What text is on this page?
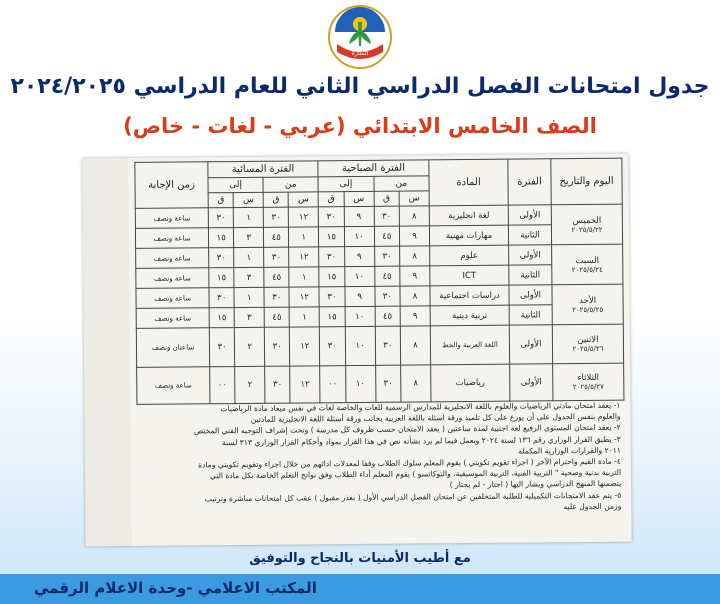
المنارة
جدول امتحانات الفصل الدراسي الثاني للعام الدراسي ٢٠٢٤/٢٠٢٥
الصف الخامس الابتدائي (عربي - لغات - خاص)
اليوم والتاريخ	الفترة	المادة	الفترة الصباحية				الفترة المسائية				زمن الإجابة
			من		إلى		من		إلى		
			س	ق	س	ق	س	ق	س	ق	

الخميس
٢٠٢٥/٥/٢٢	الأولى	لغة انجليزية	٨	٣٠	٩	٣٠	١٢	٣٠	١	٣٠	ساعة ونصف
	الثانية	مهارات مهنية	٩	٤٥	١٠	١٥	١	٤٥	٣	١٥	ساعة ونصف

السبت
٢٠٢٥/٥/٢٤	الأولى	علوم	٨	٣٠	٩	٣٠	١٢	٣٠	١	٣٠	ساعة ونصف
	الثانية	ICT	٩	٤٥	١٠	١٥	١	٤٥	٣	١٥	ساعة ونصف

الأحد
٢٠٢٥/٥/٢٥	الأولى	دراسات اجتماعية	٨	٣٠	٩	٣٠	١٢	٣٠	١	٣٠	ساعة ونصف
	الثانية	تربية دينية	٩	٤٥	١٠	١٥	١	٤٥	٣	١٥	ساعة ونصف

الاثنين
٢٠٢٥/٥/٢٦	الأولى	اللغة العربية والخط	٨	٣٠	١٠	٣٠	١٢	٣٠	٢	٣٠	ساعتان ونصف

الثلاثاء
٢٠٢٥/٥/٢٧	الأولى	رياضيات	٨	٣٠	١٠	٠٠	١٢	٣٠	٢	٠٠	ساعة ونصف
١- يعقد امتحان مادتي الرياضيات والعلوم باللغة الانجليزية للمدارس الرسمية للغات والخاصة لغات في نفس ميعاد مادة الرياضيات
والعلوم بنفس الجدول على أن يوزع على كل تلميذ ورقة اسئلة باللغة العربية بجانب ورقة أسئلة اللغة الانجليزية للمادتين
٢- يعقد امتحان المستوى الرفيع لغة اجنبية لمدة ساعتين ( يعقد الامتحان حسب ظروف كل مدرسة ) وتحت إشراف التوجيه الفني المختص
٣- يطبق القرار الوزاري رقم ١٣٦ لسنة ٢٠٢٤ ويعمل فيما لم يرد بشأنه نص في هذا القرار بمواد وأحكام القرار الوزاري ٣١٣ لسنة
٢٠١١ والقرارات الوزارية المكملة
٤- مادة القيم واحترام الآخر ( اجراء تقويم تكويني ) يقوم المعلم سلوك الطلاب وفقا لمعدلات ادائهم من خلال اجراء وتقويم تكويني ومادة
التربية بدنية وصحية " التربية الفنية، التربية الموسيقية، والتوكاتسو ) يقوم المعلم أداء الطلاب وفق نواتج التعلم الخاصة بكل مادة التي
يتضمنها المنهج الدراسي ويشار اليها ( اجتاز - لم يجتاز )
٥- يتم عقد الامتحانات التكميلية للطلبة المتخلفين عن امتحان الفصل الدراسي الأول ( بعذر مقبول ) عقب كل امتحانات مباشرة وترتيب
وزمن الجدول عليه
مع أطيب الأمنيات بالنجاح والتوفيق
المكتب الاعلامي -وحدة الاعلام الرقمي
